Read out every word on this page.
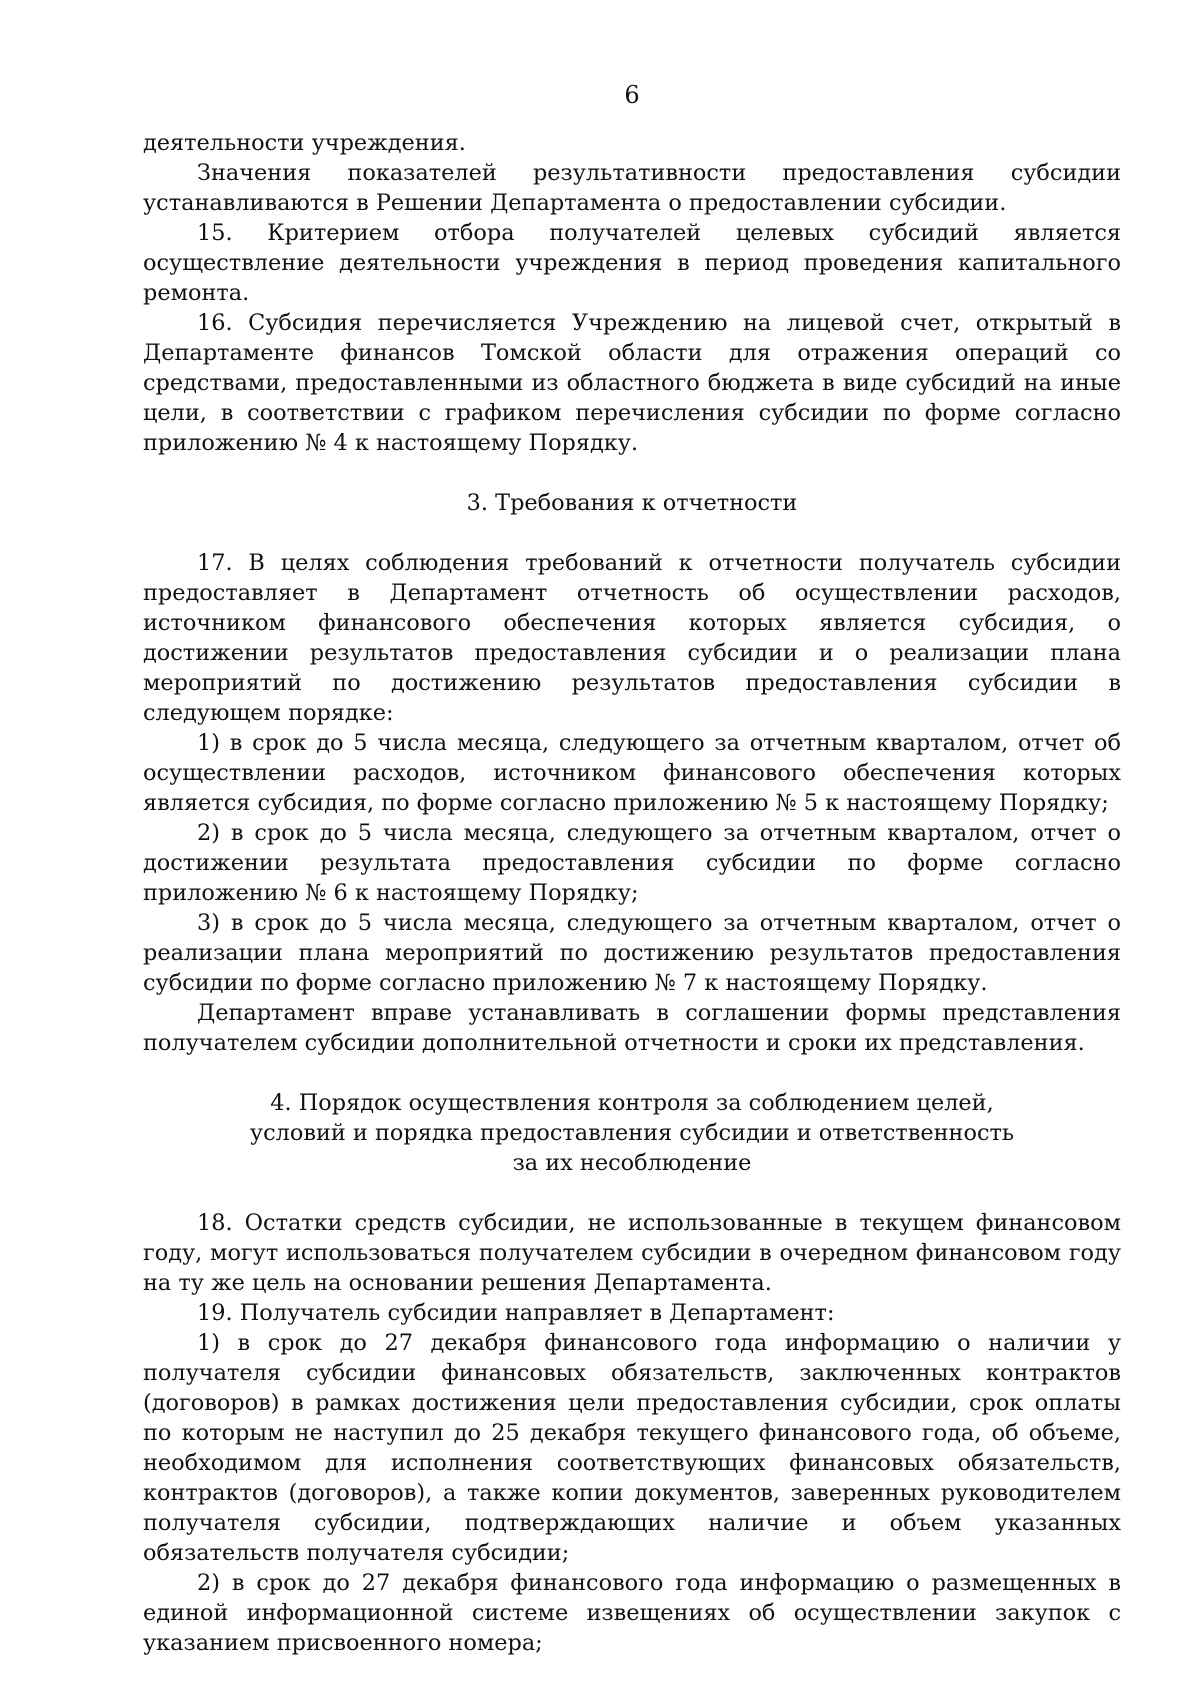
6

деятельности учреждения.

Значения показателей результативности предоставления субсидии устанавливаются в Решении Департамента о предоставлении субсидии.

15. Критерием отбора получателей целевых субсидий является осуществление деятельности учреждения в период проведения капитального ремонта.

16. Субсидия перечисляется Учреждению на лицевой счет, открытый в Департаменте финансов Томской области для отражения операций со средствами, предоставленными из областного бюджета в виде субсидий на иные цели, в соответствии с графиком перечисления субсидии по форме согласно приложению № 4 к настоящему Порядку.

3. Требования к отчетности

17. В целях соблюдения требований к отчетности получатель субсидии предоставляет в Департамент отчетность об осуществлении расходов, источником финансового обеспечения которых является субсидия, о достижении результатов предоставления субсидии и о реализации плана мероприятий по достижению результатов предоставления субсидии в следующем порядке:

1) в срок до 5 числа месяца, следующего за отчетным кварталом, отчет об осуществлении расходов, источником финансового обеспечения которых является субсидия, по форме согласно приложению № 5 к настоящему Порядку;

2) в срок до 5 числа месяца, следующего за отчетным кварталом, отчет о достижении результата предоставления субсидии по форме согласно приложению № 6 к настоящему Порядку;

3) в срок до 5 числа месяца, следующего за отчетным кварталом, отчет о реализации плана мероприятий по достижению результатов предоставления субсидии по форме согласно приложению № 7 к настоящему Порядку.

Департамент вправе устанавливать в соглашении формы представления получателем субсидии дополнительной отчетности и сроки их представления.

4. Порядок осуществления контроля за соблюдением целей,

условий и порядка предоставления субсидии и ответственность

за их несоблюдение

18. Остатки средств субсидии, не использованные в текущем финансовом году, могут использоваться получателем субсидии в очередном финансовом году на ту же цель на основании решения Департамента.

19. Получатель субсидии направляет в Департамент:

1) в срок до 27 декабря финансового года информацию о наличии у получателя субсидии финансовых обязательств, заключенных контрактов (договоров) в рамках достижения цели предоставления субсидии, срок оплаты по которым не наступил до 25 декабря текущего финансового года, об объеме, необходимом для исполнения соответствующих финансовых обязательств, контрактов (договоров), а также копии документов, заверенных руководителем получателя субсидии, подтверждающих наличие и объем указанных обязательств получателя субсидии;

2) в срок до 27 декабря финансового года информацию о размещенных в единой информационной системе извещениях об осуществлении закупок с указанием присвоенного номера;
